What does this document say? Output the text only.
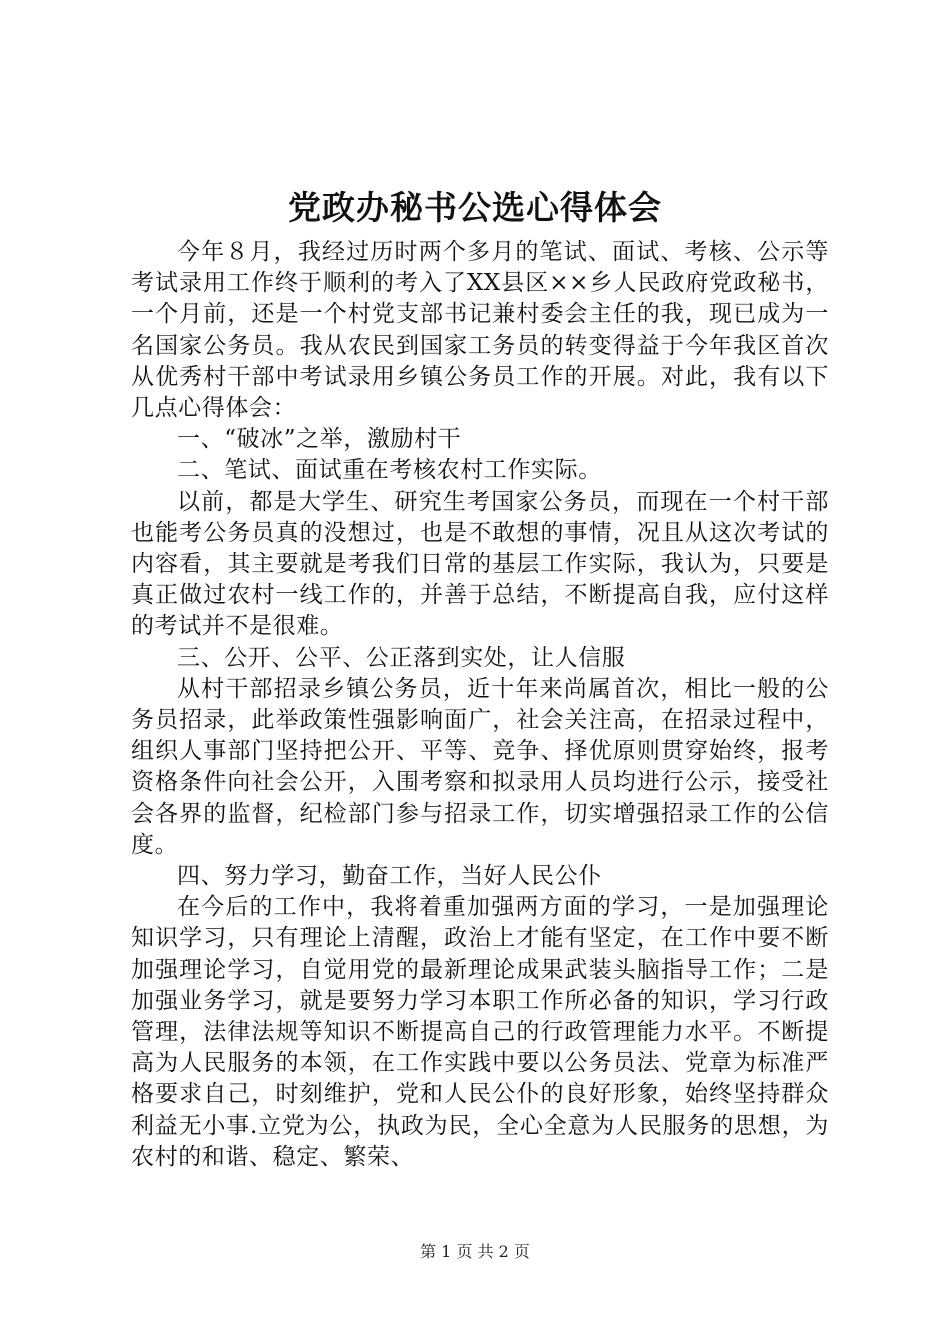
党政办秘书公选心得体会

今年８月，我经过历时两个多月的笔试、面试、考核、公示等考试录用工作终于顺利的考入了XX县区××乡人民政府党政秘书，一个月前，还是一个村党支部书记兼村委会主任的我，现已成为一名国家公务员。我从农民到国家工务员的转变得益于今年我区首次从优秀村干部中考试录用乡镇公务员工作的开展。对此，我有以下几点心得体会：

一、“破冰”之举，激励村干

二、笔试、面试重在考核农村工作实际。

以前，都是大学生、研究生考国家公务员，而现在一个村干部也能考公务员真的没想过，也是不敢想的事情，况且从这次考试的内容看，其主要就是考我们日常的基层工作实际，我认为，只要是真正做过农村一线工作的，并善于总结，不断提高自我，应付这样的考试并不是很难。

三、公开、公平、公正落到实处，让人信服

从村干部招录乡镇公务员，近十年来尚属首次，相比一般的公务员招录，此举政策性强影响面广，社会关注高，在招录过程中，组织人事部门坚持把公开、平等、竞争、择优原则贯穿始终，报考资格条件向社会公开，入围考察和拟录用人员均进行公示，接受社会各界的监督，纪检部门参与招录工作，切实增强招录工作的公信度。

四、努力学习，勤奋工作，当好人民公仆

在今后的工作中，我将着重加强两方面的学习，一是加强理论知识学习，只有理论上清醒，政治上才能有坚定，在工作中要不断加强理论学习，自觉用党的最新理论成果武装头脑指导工作；二是加强业务学习，就是要努力学习本职工作所必备的知识，学习行政管理，法律法规等知识不断提高自己的行政管理能力水平。不断提高为人民服务的本领，在工作实践中要以公务员法、党章为标准严格要求自己，时刻维护，党和人民公仆的良好形象，始终坚持群众利益无小事.立党为公，执政为民，全心全意为人民服务的思想，为农村的和谐、稳定、繁荣、

第 1 页 共 2 页
